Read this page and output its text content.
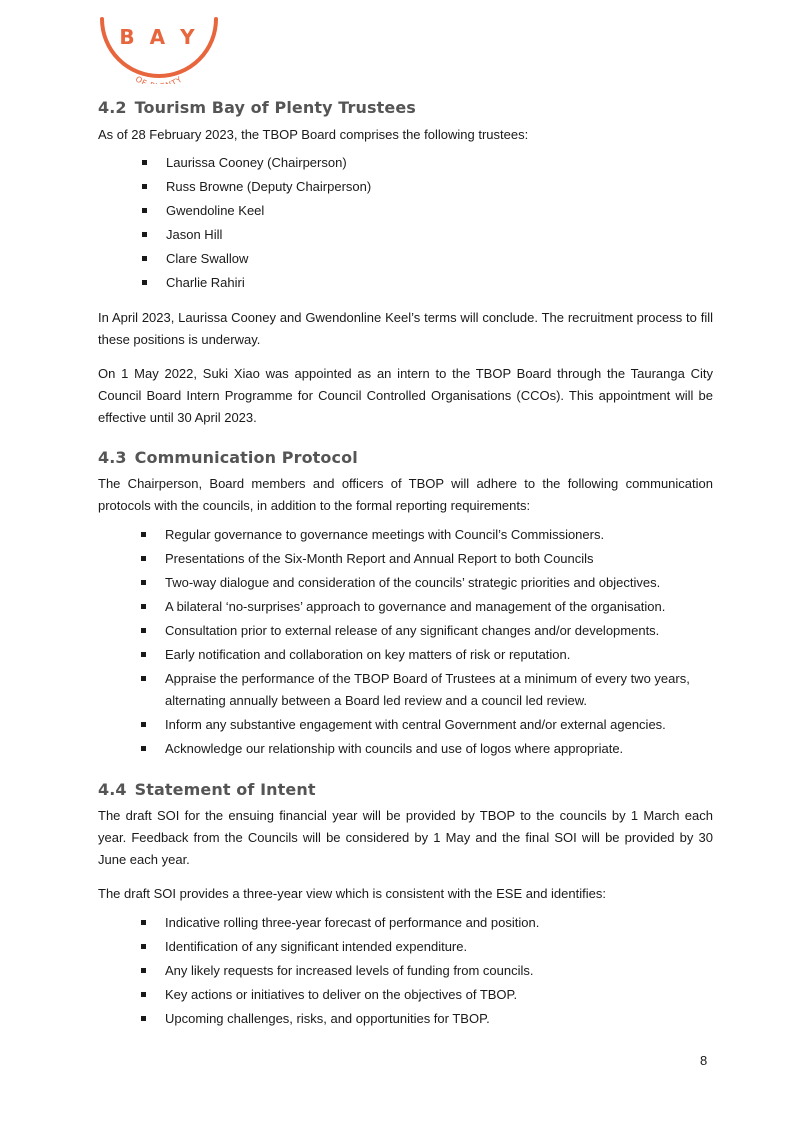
B A Y
OF TY
4.2 Tourism Bay of Plenty Trustees

As of 28 February 2023, the TBOP Board comprises the following trustees:

Laurissa Cooney (Chairperson)
Russ Browne (Deputy Chairperson)
Gwendoline Keel
Jason Hill
Clare Swallow
Charlie Rahiri

In April 2023, Laurissa Cooney and Gwendonline Keel’s terms will conclude. The recruitment process to fill these positions is underway.

On 1 May 2022, Suki Xiao was appointed as an intern to the TBOP Board through the Tauranga City Council Board Intern Programme for Council Controlled Organisations (CCOs). This appointment will be effective until 30 April 2023.

4.3 Communication Protocol

The Chairperson, Board members and officers of TBOP will adhere to the following communication protocols with the councils, in addition to the formal reporting requirements:

Regular governance to governance meetings with Council’s Commissioners.
Presentations of the Six-Month Report and Annual Report to both Councils
Two-way dialogue and consideration of the councils’ strategic priorities and objectives.
A bilateral ‘no-surprises’ approach to governance and management of the organisation.
Consultation prior to external release of any significant changes and/or developments.
Early notification and collaboration on key matters of risk or reputation.
Appraise the performance of the TBOP Board of Trustees at a minimum of every two years, alternating annually between a Board led review and a council led review.
Inform any substantive engagement with central Government and/or external agencies.
Acknowledge our relationship with councils and use of logos where appropriate.
4.4 Statement of Intent

The draft SOI for the ensuing financial year will be provided by TBOP to the councils by 1 March each year. Feedback from the Councils will be considered by 1 May and the final SOI will be provided by 30 June each year.

The draft SOI provides a three-year view which is consistent with the ESE and identifies:

Indicative rolling three-year forecast of performance and position.
Identification of any significant intended expenditure.
Any likely requests for increased levels of funding from councils.
Key actions or initiatives to deliver on the objectives of TBOP.
Upcoming challenges, risks, and opportunities for TBOP.
8
